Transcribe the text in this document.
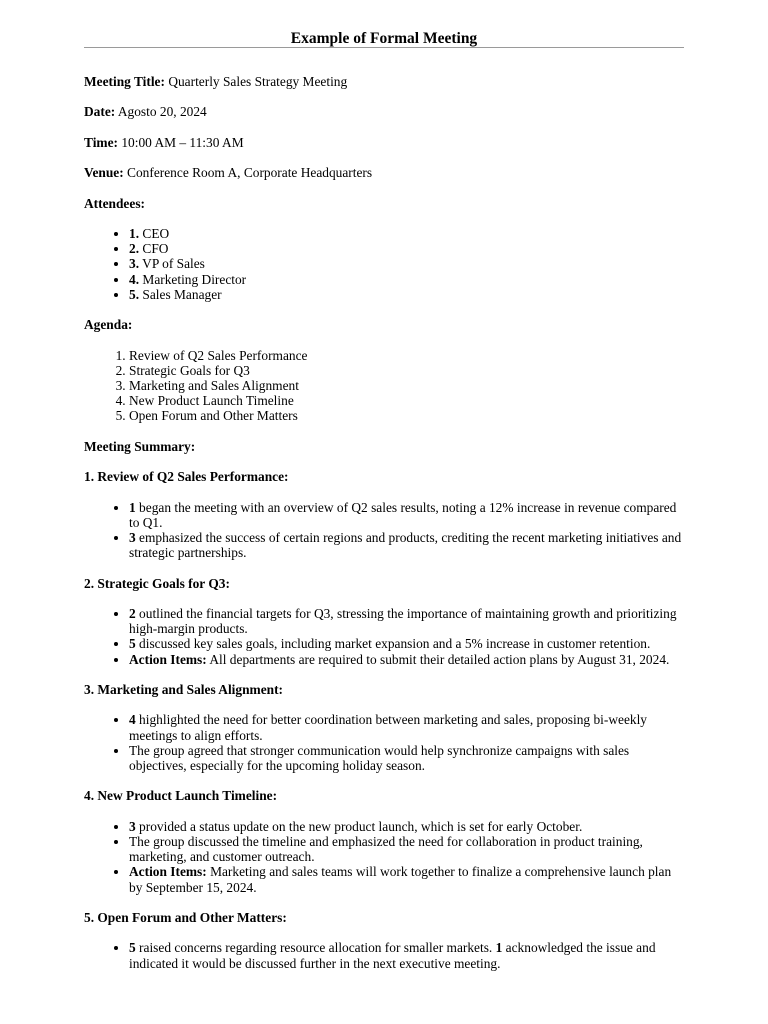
Example of Formal Meeting

Meeting Title: Quarterly Sales Strategy Meeting

Date: Agosto 20, 2024

Time: 10:00 AM – 11:30 AM

Venue: Conference Room A, Corporate Headquarters

Attendees:

• 1. CEO
• 2. CFO
• 3. VP of Sales
• 4. Marketing Director
• 5. Sales Manager

Agenda:

1. Review of Q2 Sales Performance
2. Strategic Goals for Q3
3. Marketing and Sales Alignment
4. New Product Launch Timeline
5. Open Forum and Other Matters

Meeting Summary:

1. Review of Q2 Sales Performance:

• 1 began the meeting with an overview of Q2 sales results, noting a 12% increase in revenue compared to Q1.
• 3 emphasized the success of certain regions and products, crediting the recent marketing initiatives and strategic partnerships.

2. Strategic Goals for Q3:

• 2 outlined the financial targets for Q3, stressing the importance of maintaining growth and prioritizing high-margin products.
• 5 discussed key sales goals, including market expansion and a 5% increase in customer retention.
• Action Items: All departments are required to submit their detailed action plans by August 31, 2024.

3. Marketing and Sales Alignment:

• 4 highlighted the need for better coordination between marketing and sales, proposing bi-weekly meetings to align efforts.
• The group agreed that stronger communication would help synchronize campaigns with sales objectives, especially for the upcoming holiday season.

4. New Product Launch Timeline:

• 3 provided a status update on the new product launch, which is set for early October.
• The group discussed the timeline and emphasized the need for collaboration in product training, marketing, and customer outreach.
• Action Items: Marketing and sales teams will work together to finalize a comprehensive launch plan by September 15, 2024.

5. Open Forum and Other Matters:

• 5 raised concerns regarding resource allocation for smaller markets. 1 acknowledged the issue and indicated it would be discussed further in the next executive meeting.
